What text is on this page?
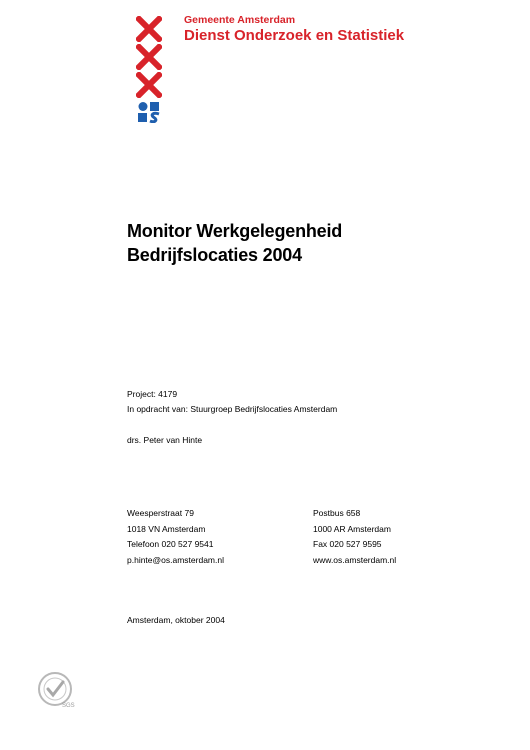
Gemeente Amsterdam
Dienst Onderzoek en Statistiek
Monitor Werkgelegenheid
Bedrijfslocaties 2004
Project: 4179
In opdracht van: Stuurgroep Bedrijfslocaties Amsterdam
drs. Peter van Hinte
Weesperstraat 79
1018 VN Amsterdam
Telefoon 020 527 9541
p.hinte@os.amsterdam.nl
Postbus 658
1000 AR Amsterdam
Fax 020 527 9595
www.os.amsterdam.nl
Amsterdam, oktober 2004
SGS
